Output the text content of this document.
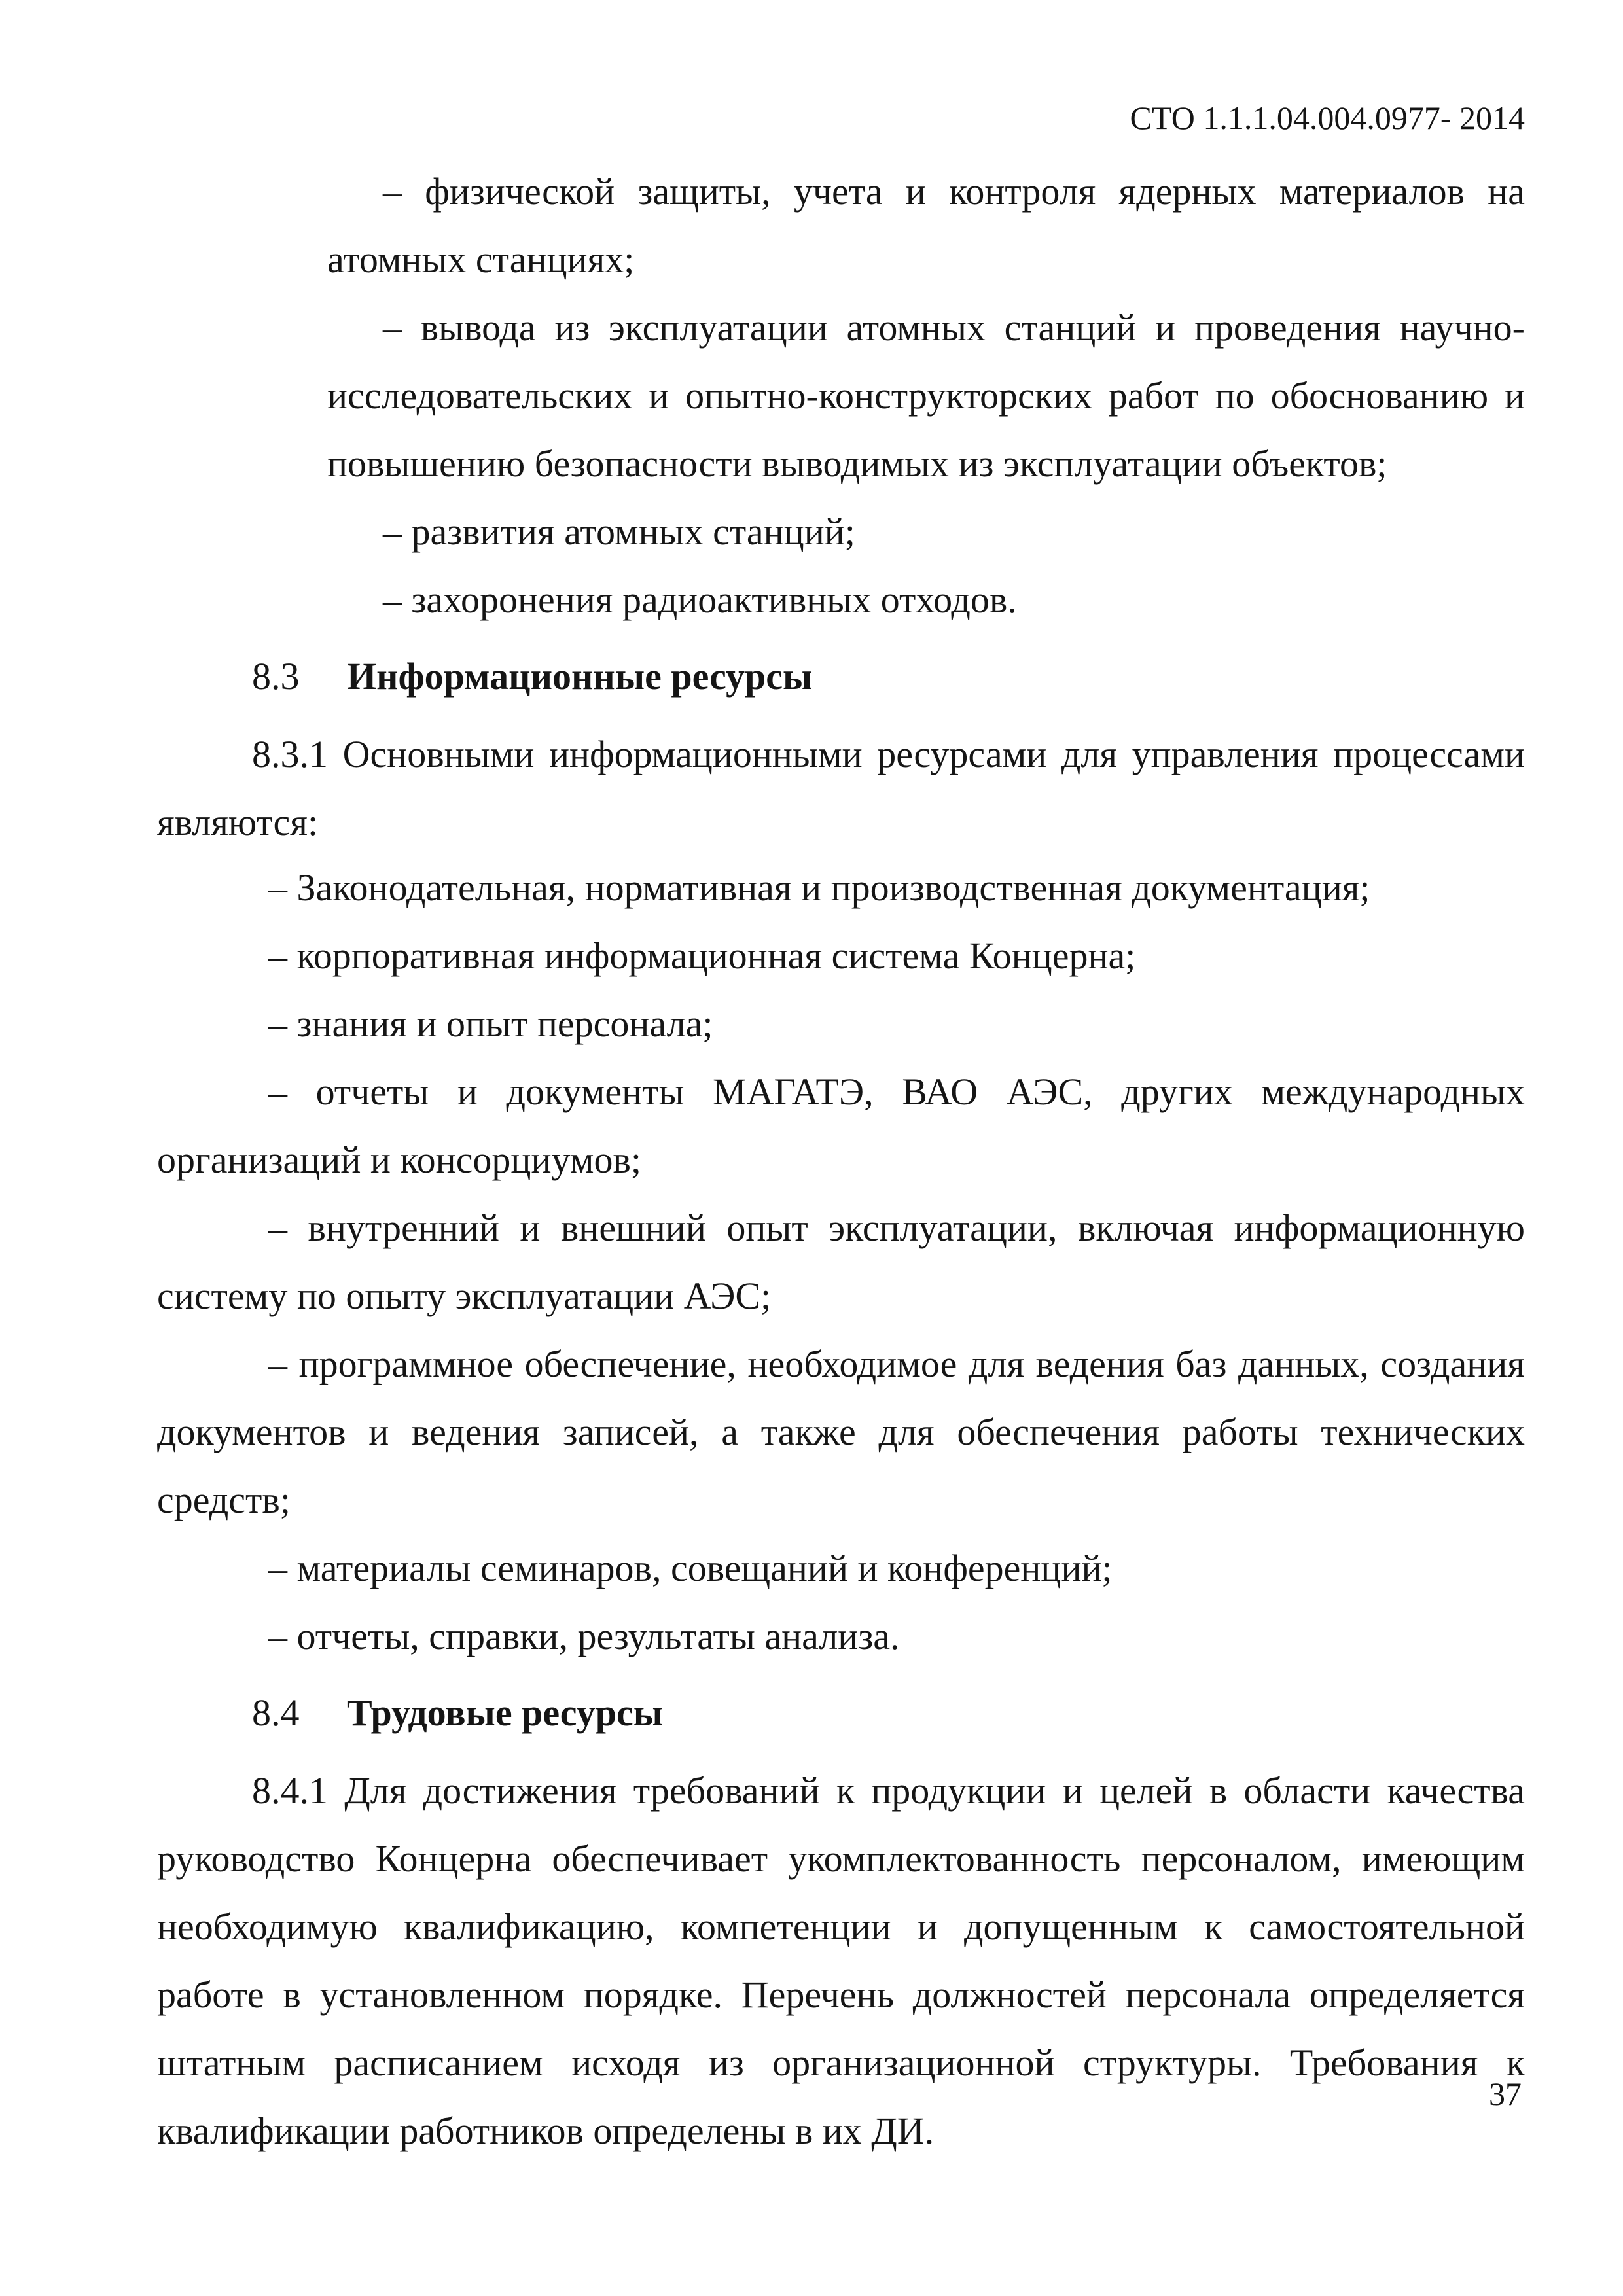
СТО 1.1.1.04.004.0977- 2014

– физической защиты, учета и контроля ядерных материалов на

атомных станциях;

– вывода из эксплуатации атомных станций и проведения научно-

исследовательских и опытно-конструкторских работ по обоснованию и

повышению безопасности выводимых из эксплуатации объектов;

– развития атомных станций;

– захоронения радиоактивных отходов.

8.3 Информационные ресурсы

8.3.1 Основными информационными ресурсами для управления процессами

являются:

– Законодательная, нормативная и производственная документация;

– корпоративная информационная система Концерна;

– знания и опыт персонала;

– отчеты и документы МАГАТЭ, ВАО АЭС, других международных

организаций и консорциумов;

– внутренний и внешний опыт эксплуатации, включая информационную

систему по опыту эксплуатации АЭС;

– программное обеспечение, необходимое для ведения баз данных, создания

документов и ведения записей, а также для обеспечения работы технических

средств;

– материалы семинаров, совещаний и конференций;

– отчеты, справки, результаты анализа.

8.4 Трудовые ресурсы

8.4.1 Для достижения требований к продукции и целей в области качества

руководство Концерна обеспечивает укомплектованность персоналом, имеющим

необходимую квалификацию, компетенции и допущенным к самостоятельной

работе в установленном порядке. Перечень должностей персонала определяется

штатным расписанием исходя из организационной структуры. Требования к

квалификации работников определены в их ДИ.

37
